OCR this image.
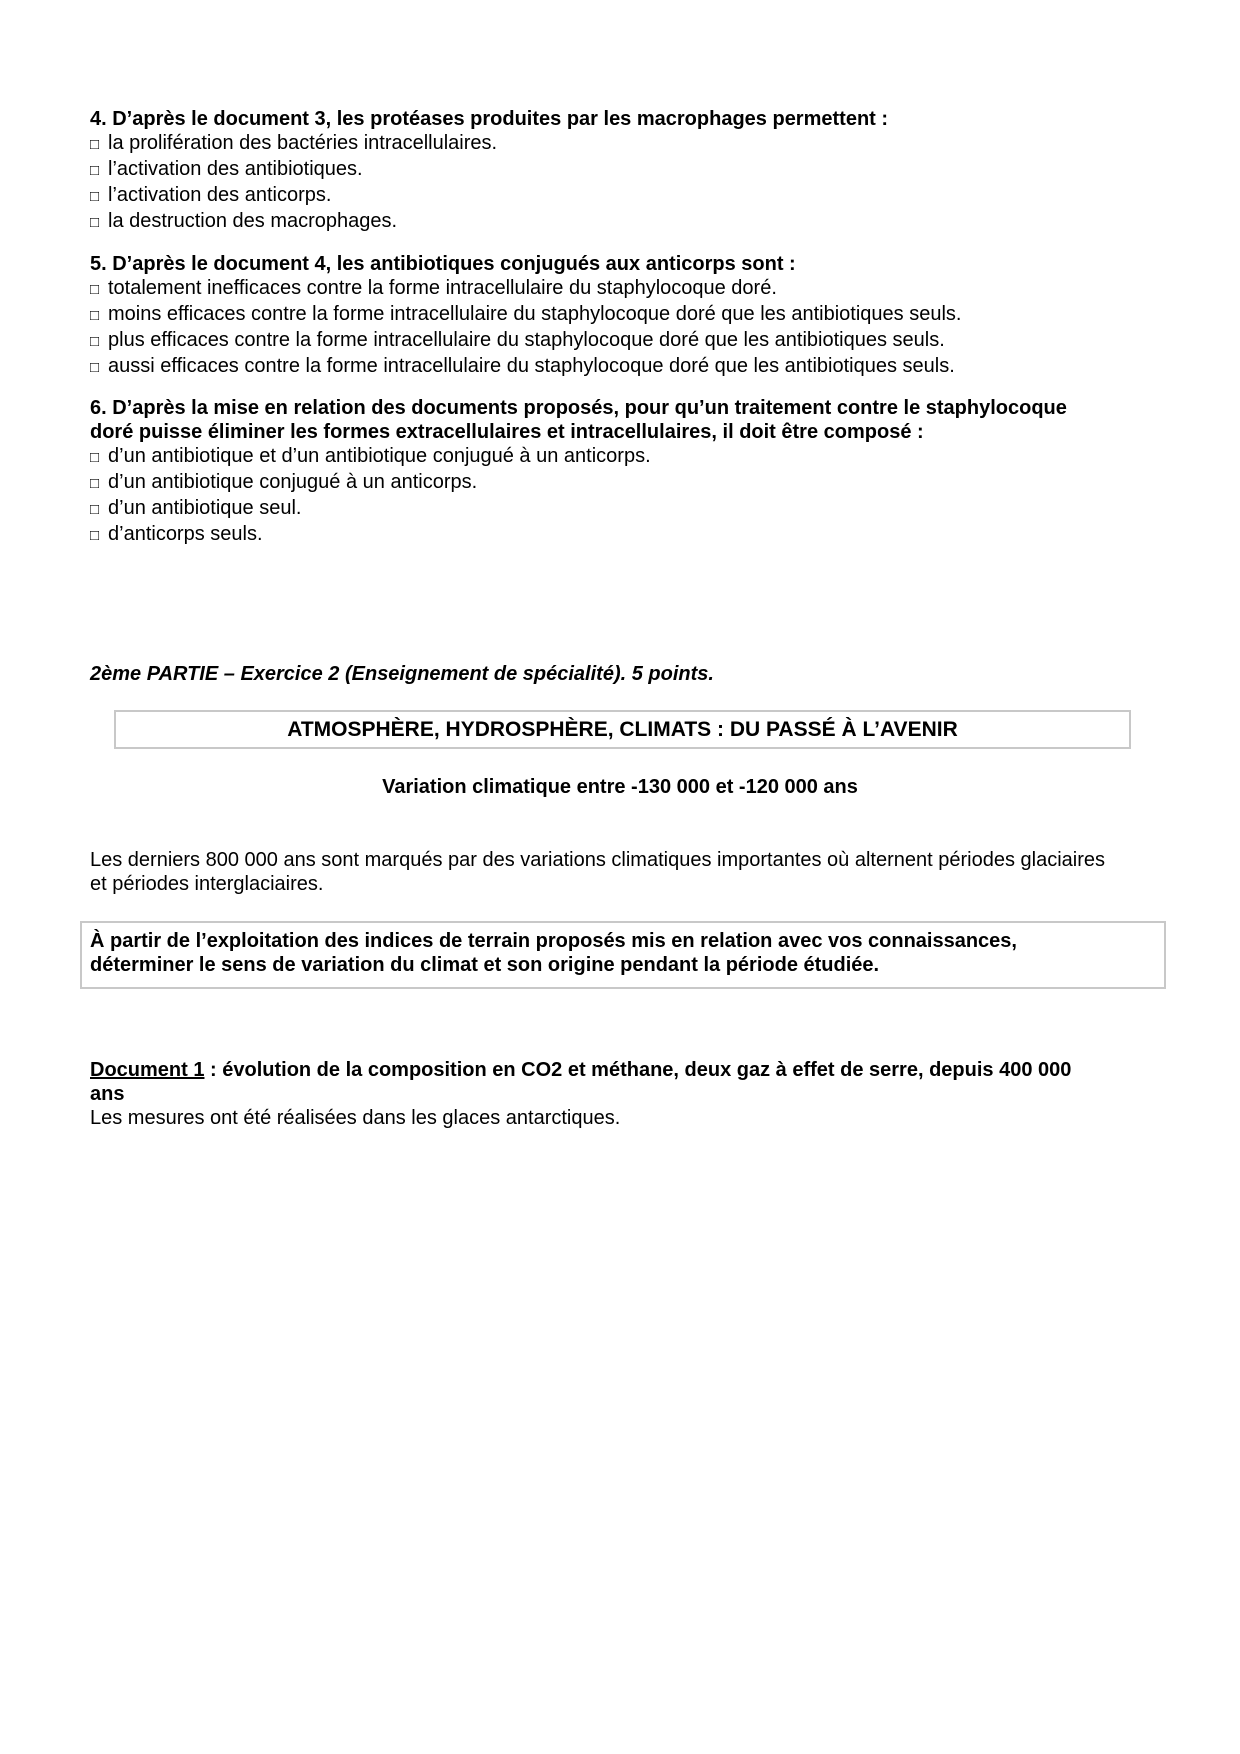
4. D’après le document 3, les protéases produites par les macrophages permettent :
□ la prolifération des bactéries intracellulaires.
□ l’activation des antibiotiques.
□ l’activation des anticorps.
□ la destruction des macrophages.
5. D’après le document 4, les antibiotiques conjugués aux anticorps sont :
□ totalement inefficaces contre la forme intracellulaire du staphylocoque doré.
□ moins efficaces contre la forme intracellulaire du staphylocoque doré que les antibiotiques seuls.
□ plus efficaces contre la forme intracellulaire du staphylocoque doré que les antibiotiques seuls.
□ aussi efficaces contre la forme intracellulaire du staphylocoque doré que les antibiotiques seuls.
6. D’après la mise en relation des documents proposés, pour qu’un traitement contre le staphylocoque
doré puisse éliminer les formes extracellulaires et intracellulaires, il doit être composé :
□ d’un antibiotique et d’un antibiotique conjugué à un anticorps.
□ d’un antibiotique conjugué à un anticorps.
□ d’un antibiotique seul.
□ d’anticorps seuls.
2ème PARTIE – Exercice 2 (Enseignement de spécialité). 5 points.
ATMOSPHÈRE, HYDROSPHÈRE, CLIMATS : DU PASSÉ À L’AVENIR
Variation climatique entre -130 000 et -120 000 ans
Les derniers 800 000 ans sont marqués par des variations climatiques importantes où alternent périodes glaciaires
et périodes interglaciaires.
À partir de l’exploitation des indices de terrain proposés mis en relation avec vos connaissances,
déterminer le sens de variation du climat et son origine pendant la période étudiée.
Document 1 : évolution de la composition en CO2 et méthane, deux gaz à effet de serre, depuis 400 000
ans
Les mesures ont été réalisées dans les glaces antarctiques.
